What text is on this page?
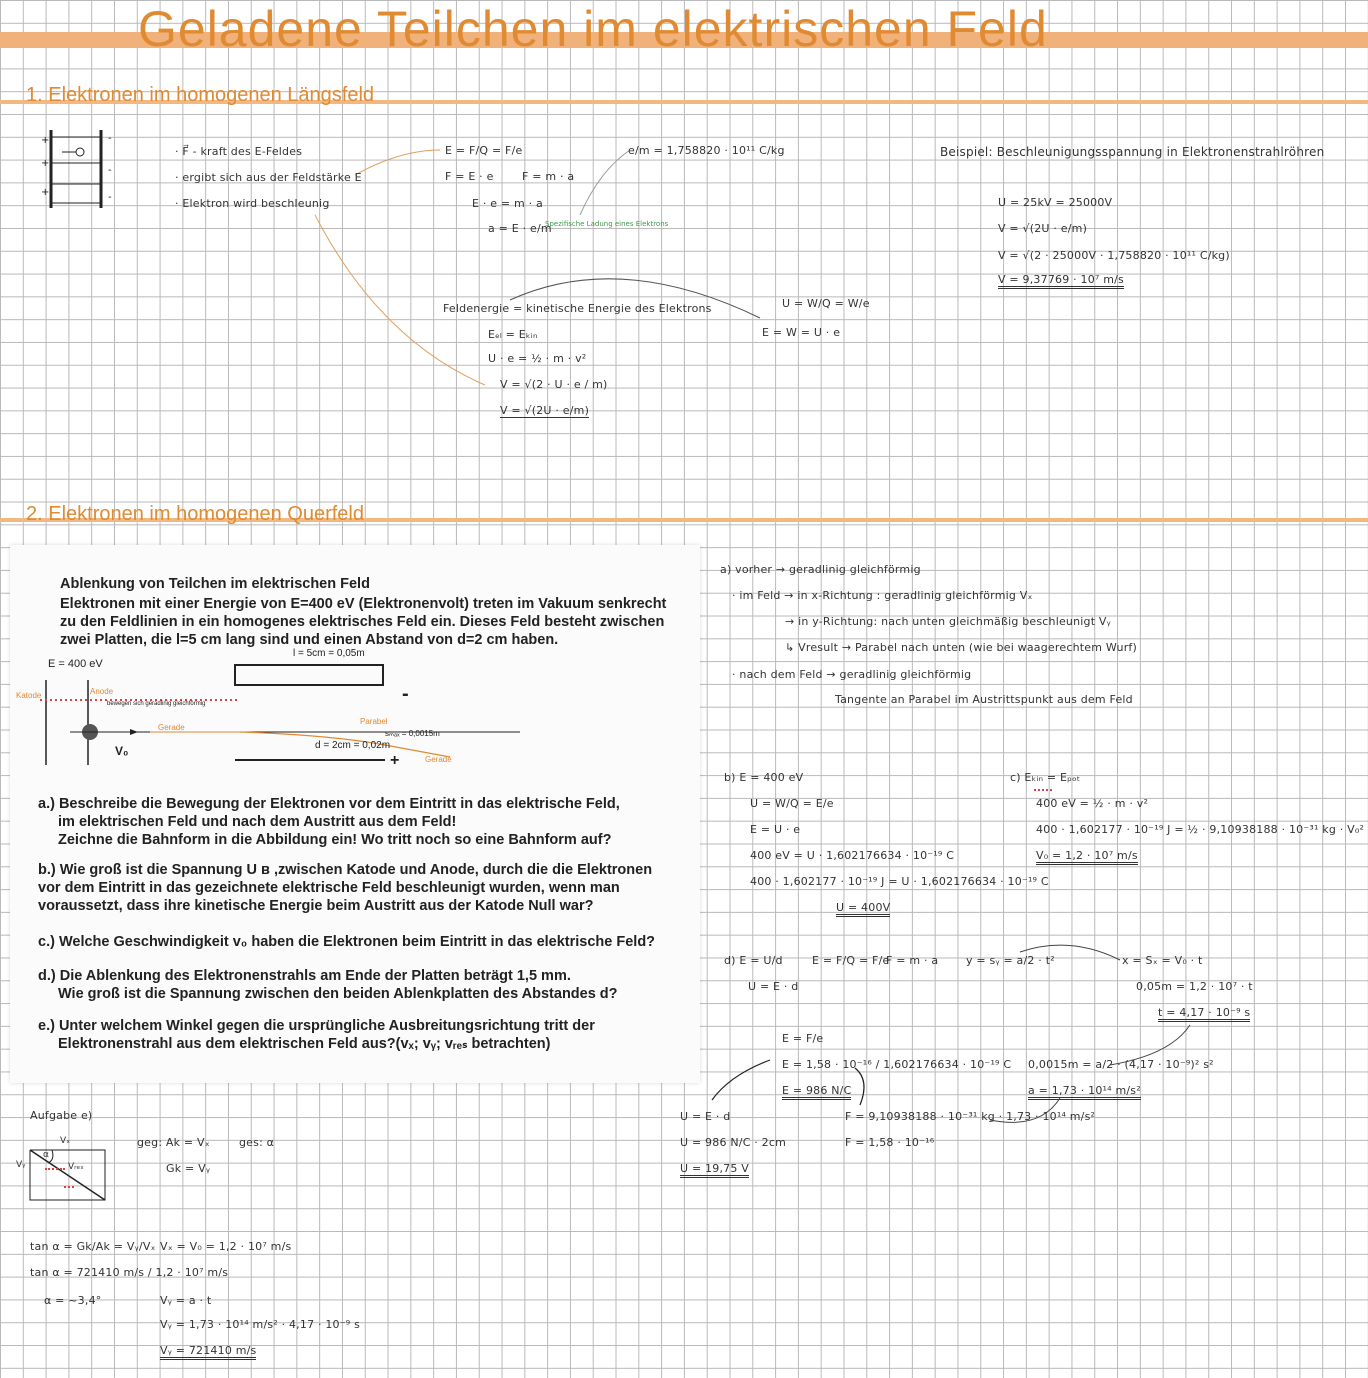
Geladene Teilchen im elektrischen Feld
1. Elektronen im homogenen Längsfeld
+
+
+
-
-
-
· F⃗ - kraft des E-Feldes
· ergibt sich aus der Feldstärke E
· Elektron wird beschleunig
E = F/Q = F/e
F = E · e	F = m · a
E · e = m · a
a = E · e/m
Spezifische Ladung eines Elektrons
e/m = 1,758820 · 10¹¹ C/kg
Feldenergie = kinetische Energie des Elektrons
Eₑₗ = Eₖᵢₙ
U · e = ½ · m · v²
V = √(2 · U · e / m)
V = √(2U · e/m)
U = W/Q = W/e
E = W = U · e
Beispiel: Beschleunigungsspannung in Elektronenstrahlröhren
U = 25kV = 25000V
V = √(2U · e/m)
V = √(2 · 25000V · 1,758820 · 10¹¹ C/kg)
V = 9,37769 · 10⁷ m/s
2. Elektronen im homogenen Querfeld
Ablenkung von Teilchen im elektrischen Feld
Elektronen mit einer Energie von E=400 eV (Elektronenvolt) treten im Vakuum senkrecht
zu den Feldlinien in ein homogenes elektrisches Feld ein. Dieses Feld besteht zwischen
zwei Platten, die l=5 cm lang sind und einen Abstand von d=2 cm haben.
E = 400 eV
l = 5cm = 0,05m
d = 2cm = 0,02m
V₀
Katode	Anode
bewegen sich geradlinig gleichförmig
Gerade
Parabel
sₘₐₓ = 0,0015m
Gerade
+
-
a.) Beschreibe die Bewegung der Elektronen vor dem Eintritt in das elektrische Feld,
im elektrischen Feld und nach dem Austritt aus dem Feld!
Zeichne die Bahnform in die Abbildung ein! Wo tritt noch so eine Bahnform auf?
b.) Wie groß ist die Spannung U ʙ ,zwischen Katode und Anode, durch die die Elektronen
vor dem Eintritt in das gezeichnete elektrische Feld beschleunigt wurden, wenn man
voraussetzt, dass ihre kinetische Energie beim Austritt aus der Katode Null war?
c.) Welche Geschwindigkeit v₀ haben die Elektronen beim Eintritt in das elektrische Feld?
d.) Die Ablenkung des Elektronenstrahls am Ende der Platten beträgt 1,5 mm.
Wie groß ist die Spannung zwischen den beiden Ablenkplatten des Abstandes d?
e.) Unter welchem Winkel gegen die ursprüngliche Ausbreitungsrichtung tritt der
Elektronenstrahl aus dem elektrischen Feld aus?(vₓ; vᵧ; vᵣₑₛ betrachten)
a) vorher → geradlinig gleichförmig
· im Feld → in x-Richtung : geradlinig gleichförmig Vₓ
→ in y-Richtung: nach unten gleichmäßig beschleunigt Vᵧ
↳ Vresult → Parabel nach unten (wie bei waagerechtem Wurf)
· nach dem Feld → geradlinig gleichförmig
Tangente an Parabel im Austrittspunkt aus dem Feld
b) E = 400 eV
U = W/Q = E/e
E = U · e
400 eV = U · 1,602176634 · 10⁻¹⁹ C
400 · 1,602177 · 10⁻¹⁹ J = U · 1,602176634 · 10⁻¹⁹ C
U = 400V
c) Eₖᵢₙ = Eₚₒₜ
400 eV = ½ · m · v²
400 · 1,602177 · 10⁻¹⁹ J = ½ · 9,10938188 · 10⁻³¹ kg · V₀²
V₀ = 1,2 · 10⁷ m/s
d) E = U/d
U = E · d
E = F/Q = F/e
F = m · a	y = sᵧ = a/2 · t²	x = Sₓ = V₀ · t
0,05m = 1,2 · 10⁷ · t
t = 4,17 · 10⁻⁹ s
0,0015m = a/2 · (4,17 · 10⁻⁹)² s²
a = 1,73 · 10¹⁴ m/s²
E = F/e
E = 1,58 · 10⁻¹⁶ / 1,602176634 · 10⁻¹⁹ C
E = 986 N/C
F = 9,10938188 · 10⁻³¹ kg · 1,73 · 10¹⁴ m/s²
F = 1,58 · 10⁻¹⁶
U = E · d
U = 986 N/C · 2cm
U = 19,75 V
Aufgabe e)
Vₓ
Vᵧ	Vᵣₑₛ
α
geg: Ak = Vₓ
Gk = Vᵧ
ges: α
tan α = Gk/Ak = Vᵧ/Vₓ
tan α = 721410 m/s / 1,2 · 10⁷ m/s
α = ~3,4°
Vₓ = V₀ = 1,2 · 10⁷ m/s
Vᵧ = a · t
Vᵧ = 1,73 · 10¹⁴ m/s² · 4,17 · 10⁻⁹ s
Vᵧ = 721410 m/s
